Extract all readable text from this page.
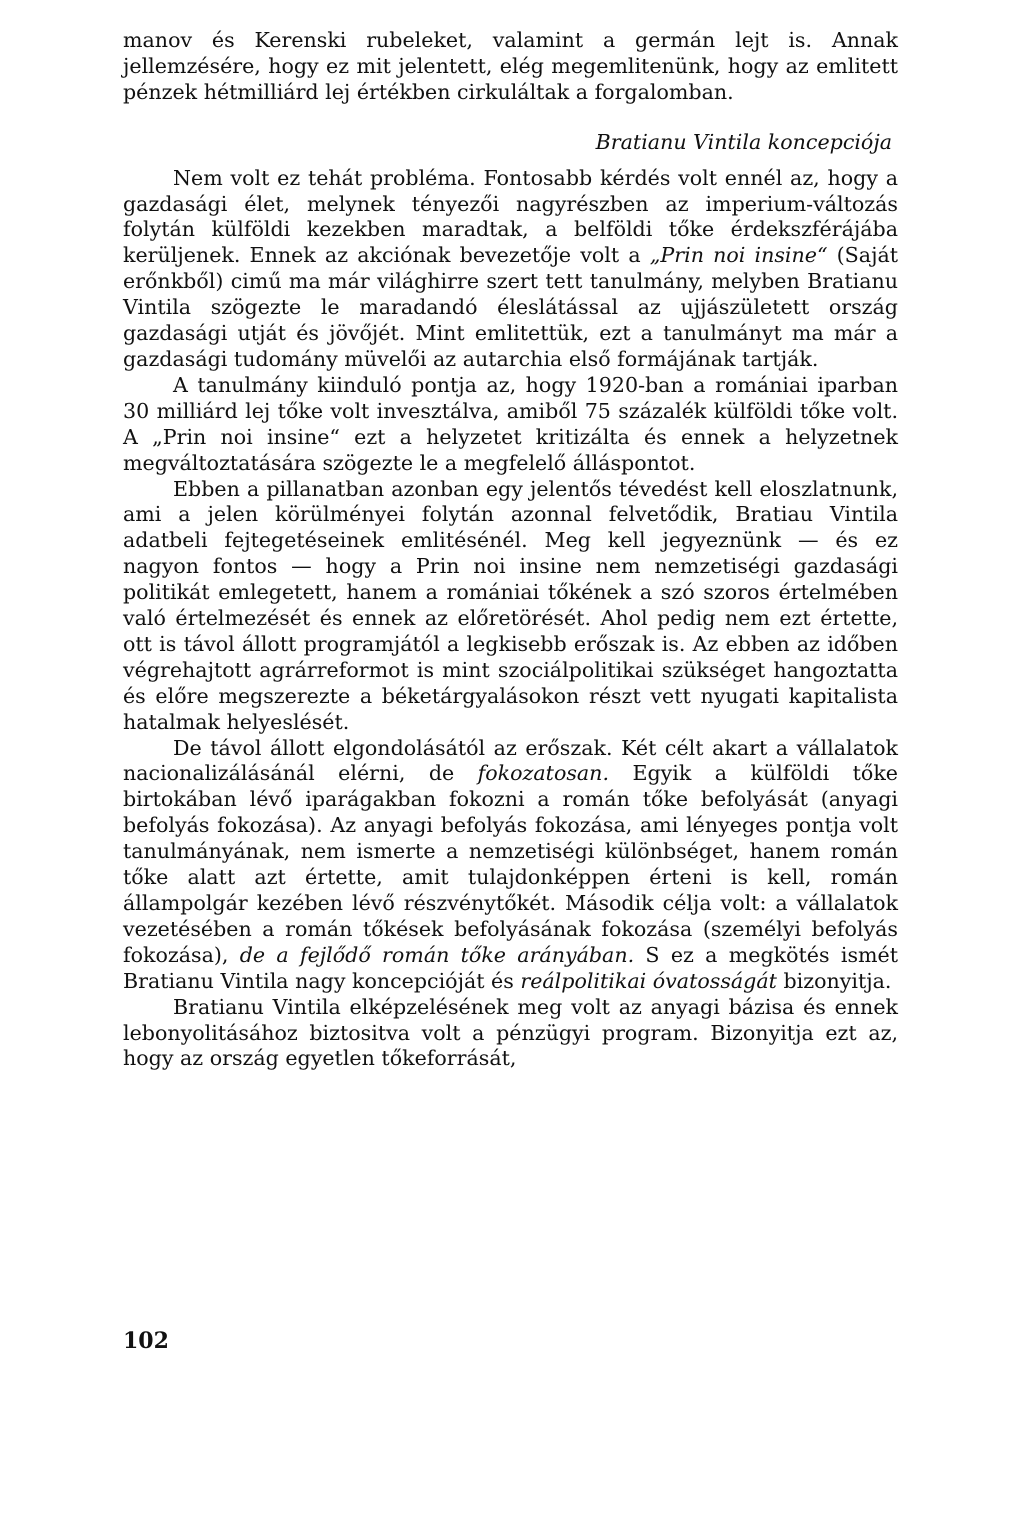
manov és Kerenski rubeleket, valamint a germán lejt is. Annak jellemzésére, hogy ez mit jelentett, elég megemlitenünk, hogy az emlitett pénzek hétmilliárd lej értékben cirkuláltak a forgalomban.

Bratianu Vintila koncepciója

Nem volt ez tehát probléma. Fontosabb kérdés volt ennél az, hogy a gazdasági élet, melynek tényezői nagyrészben az imperium-változás folytán külföldi kezekben maradtak, a belföldi tőke érdekszférájába kerüljenek. Ennek az akciónak bevezetője volt a „Prin noi insine“ (Saját erőnkből) cimű ma már világhirre szert tett tanulmány, melyben Bratianu Vintila szögezte le maradandó éleslátással az ujjászületett ország gazdasági utját és jövőjét. Mint emlitettük, ezt a tanulmányt ma már a gazdasági tudomány müvelői az autarchia első formájának tartják.

A tanulmány kiinduló pontja az, hogy 1920-ban a romániai iparban 30 milliárd lej tőke volt invesztálva, amiből 75 százalék külföldi tőke volt. A „Prin noi insine“ ezt a helyzetet kritizálta és ennek a helyzetnek megváltoztatására szögezte le a megfelelő álláspontot.

Ebben a pillanatban azonban egy jelentős tévedést kell eloszlatnunk, ami a jelen körülményei folytán azonnal felvetődik, Bratiau Vintila adatbeli fejtegetéseinek emlitésénél. Meg kell jegyeznünk — és ez nagyon fontos — hogy a Prin noi insine nem nemzetiségi gazdasági politikát emlegetett, hanem a romániai tőkének a szó szoros értelmében való értelmezését és ennek az előretörését. Ahol pedig nem ezt értette, ott is távol állott programjától a legkisebb erőszak is. Az ebben az időben végrehajtott agrárreformot is mint szociálpolitikai szükséget hangoztatta és előre megszerezte a béketárgyalásokon részt vett nyugati kapitalista hatalmak helyeslését.

De távol állott elgondolásától az erőszak. Két célt akart a vállalatok nacionalizálásánál elérni, de fokozatosan. Egyik a külföldi tőke birtokában lévő iparágakban fokozni a román tőke befolyását (anyagi befolyás fokozása). Az anyagi befolyás fokozása, ami lényeges pontja volt tanulmányának, nem ismerte a nemzetiségi különbséget, hanem román tőke alatt azt értette, amit tulajdonképpen érteni is kell, román állampolgár kezében lévő részvénytőkét. Második célja volt: a vállalatok vezetésében a román tőkések befolyásának fokozása (személyi befolyás fokozása), de a fejlődő román tőke arányában. S ez a megkötés ismét Bratianu Vintila nagy koncepcióját és reálpolitikai óvatosságát bizonyitja.

Bratianu Vintila elképzelésének meg volt az anyagi bázisa és ennek lebonyolitásához biztositva volt a pénzügyi program. Bizonyitja ezt az, hogy az ország egyetlen tőkeforrását,

102
